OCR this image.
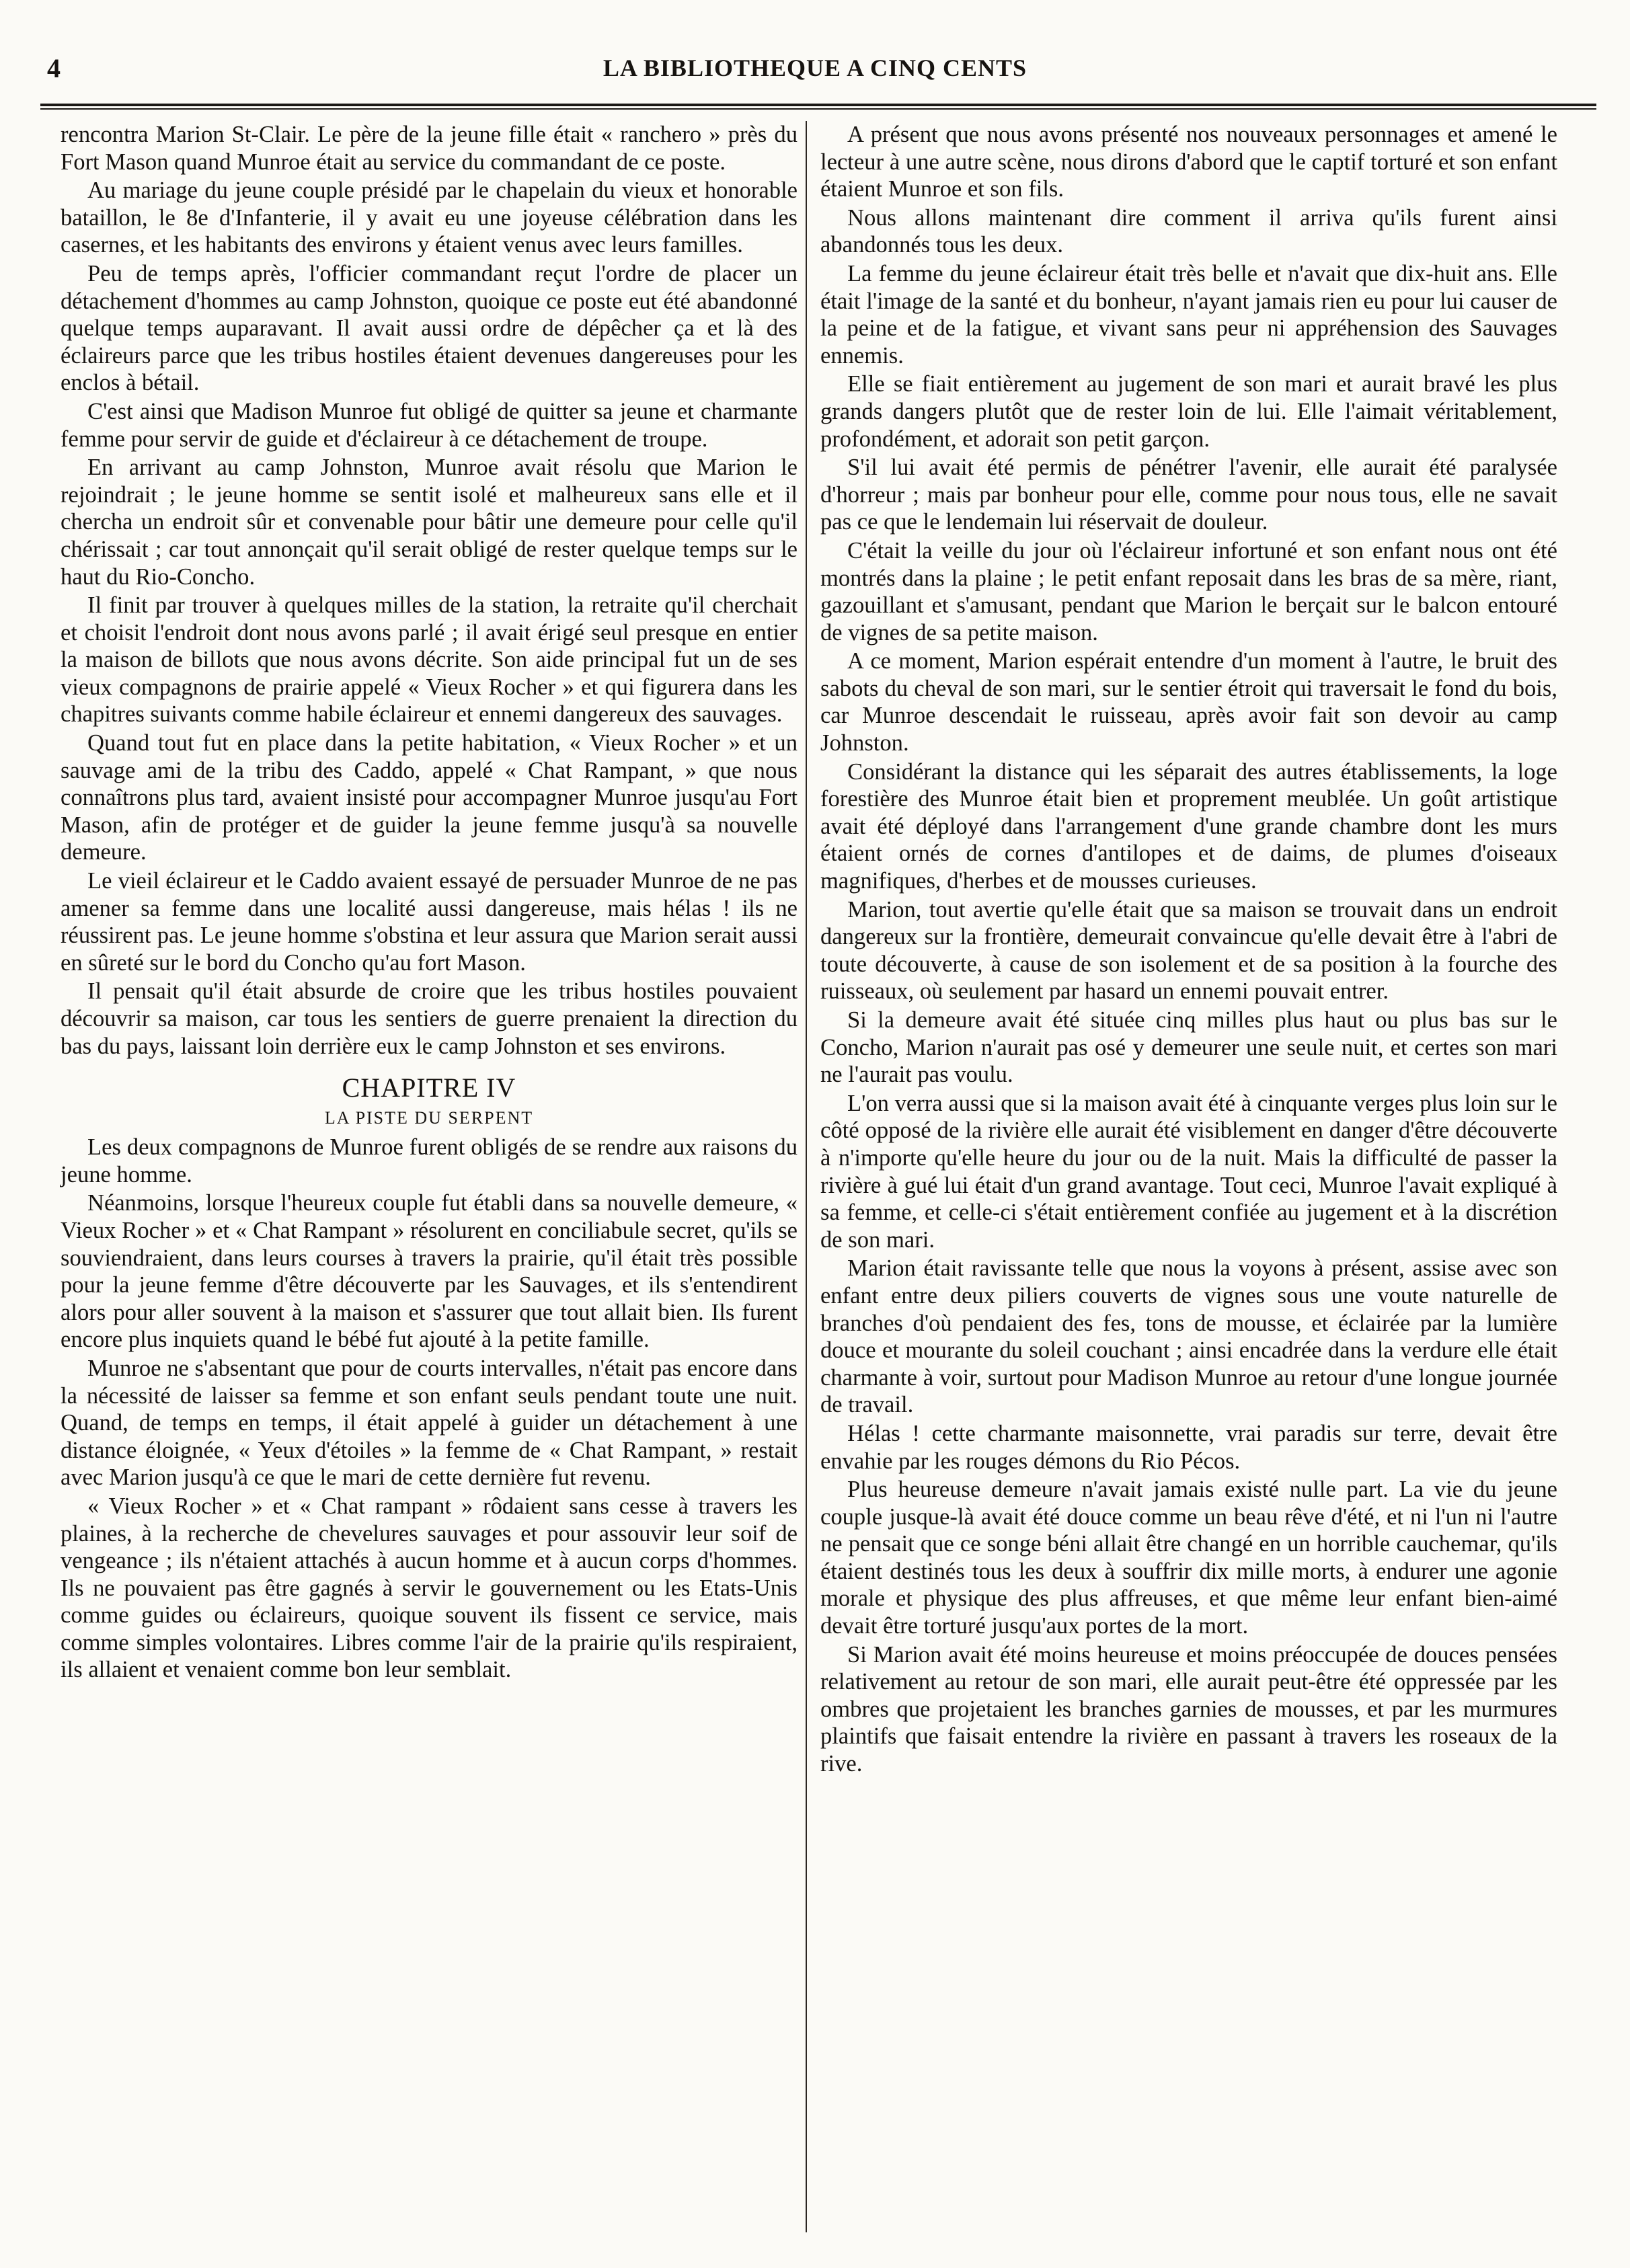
4	LA BIBLIOTHEQUE A CINQ CENTS

rencontra Marion St-Clair. Le père de la jeune fille était « ranchero » près du Fort Mason quand Munroe était au service du commandant de ce poste.

Au mariage du jeune couple présidé par le chapelain du vieux et honorable bataillon, le 8e d'Infanterie, il y avait eu une joyeuse célébration dans les casernes, et les habitants des environs y étaient venus avec leurs familles.

Peu de temps après, l'officier commandant reçut l'ordre de placer un détachement d'hommes au camp Johnston, quoique ce poste eut été abandonné quelque temps auparavant. Il avait aussi ordre de dépêcher ça et là des éclaireurs parce que les tribus hostiles étaient devenues dangereuses pour les enclos à bétail.

C'est ainsi que Madison Munroe fut obligé de quitter sa jeune et charmante femme pour servir de guide et d'éclaireur à ce détachement de troupe.

En arrivant au camp Johnston, Munroe avait résolu que Marion le rejoindrait ; le jeune homme se sentit isolé et malheureux sans elle et il chercha un endroit sûr et convenable pour bâtir une demeure pour celle qu'il chérissait ; car tout annonçait qu'il serait obligé de rester quelque temps sur le haut du Rio-Concho.

Il finit par trouver à quelques milles de la station, la retraite qu'il cherchait et choisit l'endroit dont nous avons parlé ; il avait érigé seul presque en entier la maison de billots que nous avons décrite. Son aide principal fut un de ses vieux compagnons de prairie appelé « Vieux Rocher » et qui figurera dans les chapitres suivants comme habile éclaireur et ennemi dangereux des sauvages.

Quand tout fut en place dans la petite habitation, « Vieux Rocher » et un sauvage ami de la tribu des Caddo, appelé « Chat Rampant, » que nous connaîtrons plus tard, avaient insisté pour accompagner Munroe jusqu'au Fort Mason, afin de protéger et de guider la jeune femme jusqu'à sa nouvelle demeure.

Le vieil éclaireur et le Caddo avaient essayé de persuader Munroe de ne pas amener sa femme dans une localité aussi dangereuse, mais hélas ! ils ne réussirent pas. Le jeune homme s'obstina et leur assura que Marion serait aussi en sûreté sur le bord du Concho qu'au fort Mason.

Il pensait qu'il était absurde de croire que les tribus hostiles pouvaient découvrir sa maison, car tous les sentiers de guerre prenaient la direction du bas du pays, laissant loin derrière eux le camp Johnston et ses environs.

CHAPITRE IV
LA PISTE DU SERPENT

Les deux compagnons de Munroe furent obligés de se rendre aux raisons du jeune homme.

Néanmoins, lorsque l'heureux couple fut établi dans sa nouvelle demeure, « Vieux Rocher » et « Chat Rampant » résolurent en conciliabule secret, qu'ils se souviendraient, dans leurs courses à travers la prairie, qu'il était très possible pour la jeune femme d'être découverte par les Sauvages, et ils s'entendirent alors pour aller souvent à la maison et s'assurer que tout allait bien. Ils furent encore plus inquiets quand le bébé fut ajouté à la petite famille.

Munroe ne s'absentant que pour de courts intervalles, n'était pas encore dans la nécessité de laisser sa femme et son enfant seuls pendant toute une nuit. Quand, de temps en temps, il était appelé à guider un détachement à une distance éloignée, « Yeux d'étoiles » la femme de « Chat Rampant, » restait avec Marion jusqu'à ce que le mari de cette dernière fut revenu.

« Vieux Rocher » et « Chat rampant » rôdaient sans cesse à travers les plaines, à la recherche de chevelures sauvages et pour assouvir leur soif de vengeance ; ils n'étaient attachés à aucun homme et à aucun corps d'hommes. Ils ne pouvaient pas être gagnés à servir le gouvernement ou les Etats-Unis comme guides ou éclaireurs, quoique souvent ils fissent ce service, mais comme simples volontaires. Libres comme l'air de la prairie qu'ils respiraient, ils allaient et venaient comme bon leur semblait.

A présent que nous avons présenté nos nouveaux personnages et amené le lecteur à une autre scène, nous dirons d'abord que le captif torturé et son enfant étaient Munroe et son fils.

Nous allons maintenant dire comment il arriva qu'ils furent ainsi abandonnés tous les deux.

La femme du jeune éclaireur était très belle et n'avait que dix-huit ans. Elle était l'image de la santé et du bonheur, n'ayant jamais rien eu pour lui causer de la peine et de la fatigue, et vivant sans peur ni appréhension des Sauvages ennemis.

Elle se fiait entièrement au jugement de son mari et aurait bravé les plus grands dangers plutôt que de rester loin de lui. Elle l'aimait véritablement, profondément, et adorait son petit garçon.

S'il lui avait été permis de pénétrer l'avenir, elle aurait été paralysée d'horreur ; mais par bonheur pour elle, comme pour nous tous, elle ne savait pas ce que le lendemain lui réservait de douleur.

C'était la veille du jour où l'éclaireur infortuné et son enfant nous ont été montrés dans la plaine ; le petit enfant reposait dans les bras de sa mère, riant, gazouillant et s'amusant, pendant que Marion le berçait sur le balcon entouré de vignes de sa petite maison.

A ce moment, Marion espérait entendre d'un moment à l'autre, le bruit des sabots du cheval de son mari, sur le sentier étroit qui traversait le fond du bois, car Munroe descendait le ruisseau, après avoir fait son devoir au camp Johnston.

Considérant la distance qui les séparait des autres établissements, la loge forestière des Munroe était bien et proprement meublée. Un goût artistique avait été déployé dans l'arrangement d'une grande chambre dont les murs étaient ornés de cornes d'antilopes et de daims, de plumes d'oiseaux magnifiques, d'herbes et de mousses curieuses.

Marion, tout avertie qu'elle était que sa maison se trouvait dans un endroit dangereux sur la frontière, demeurait convaincue qu'elle devait être à l'abri de toute découverte, à cause de son isolement et de sa position à la fourche des ruisseaux, où seulement par hasard un ennemi pouvait entrer.

Si la demeure avait été située cinq milles plus haut ou plus bas sur le Concho, Marion n'aurait pas osé y demeurer une seule nuit, et certes son mari ne l'aurait pas voulu.

L'on verra aussi que si la maison avait été à cinquante verges plus loin sur le côté opposé de la rivière elle aurait été visiblement en danger d'être découverte à n'importe qu'elle heure du jour ou de la nuit. Mais la difficulté de passer la rivière à gué lui était d'un grand avantage. Tout ceci, Munroe l'avait expliqué à sa femme, et celle-ci s'était entièrement confiée au jugement et à la discrétion de son mari.

Marion était ravissante telle que nous la voyons à présent, assise avec son enfant entre deux piliers couverts de vignes sous une voute naturelle de branches d'où pendaient des fes, tons de mousse, et éclairée par la lumière douce et mourante du soleil couchant ; ainsi encadrée dans la verdure elle était charmante à voir, surtout pour Madison Munroe au retour d'une longue journée de travail.

Hélas ! cette charmante maisonnette, vrai paradis sur terre, devait être envahie par les rouges démons du Rio Pécos.

Plus heureuse demeure n'avait jamais existé nulle part. La vie du jeune couple jusque-là avait été douce comme un beau rêve d'été, et ni l'un ni l'autre ne pensait que ce songe béni allait être changé en un horrible cauchemar, qu'ils étaient destinés tous les deux à souffrir dix mille morts, à endurer une agonie morale et physique des plus affreuses, et que même leur enfant bien-aimé devait être torturé jusqu'aux portes de la mort.

Si Marion avait été moins heureuse et moins préoccupée de douces pensées relativement au retour de son mari, elle aurait peut-être été oppressée par les ombres que projetaient les branches garnies de mousses, et par les murmures plaintifs que faisait entendre la rivière en passant à travers les roseaux de la rive.
